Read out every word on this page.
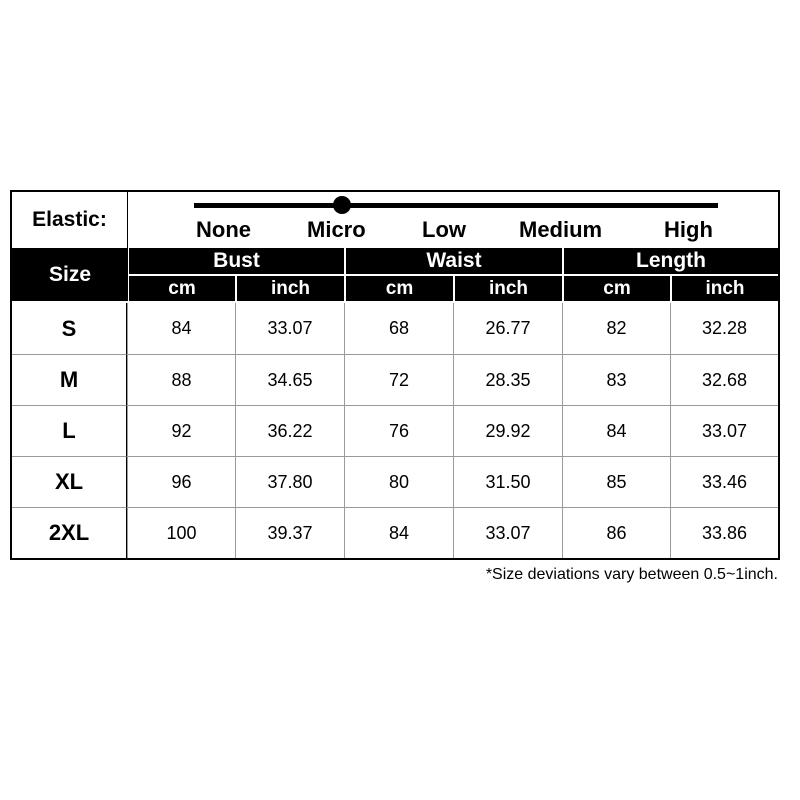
Elastic:	None	Micro	Low Medium	High
Size
Bust	Waist	Length
cm	inch	cm	inch	cm	inch
S	84	33.07	68	26.77	82	32.28
M	88	34.65	72	28.35	83	32.68
L	92	36.22	76	29.92	84	33.07
XL	96	37.80	80	31.50	85	33.46
2XL	100	39.37	84	33.07	86	33.86
*Size deviations vary between 0.5~1inch.
